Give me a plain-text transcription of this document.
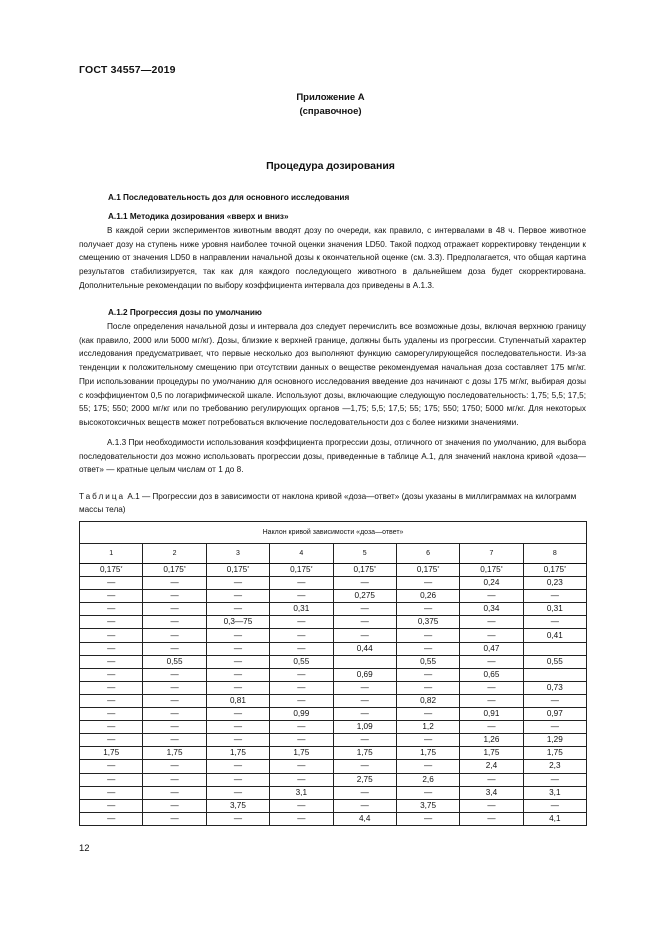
ГОСТ 34557—2019
Приложение А
(справочное)
Процедура дозирования
А.1 Последовательность доз для основного исследования
А.1.1 Методика дозирования «вверх и вниз»

В каждой серии экспериментов животным вводят дозу по очереди, как правило, с интервалами в 48 ч. Первое животное получает дозу на ступень ниже уровня наиболее точной оценки значения LD50. Такой подход отражает корректировку тенденции к смещению от значения LD50 в направлении начальной дозы к окончательной оценке (см. 3.3). Предполагается, что общая картина результатов стабилизируется, так как для каждого последующего животного в дальнейшем доза будет скорректирована. Дополнительные рекомендации по выбору коэффициента интервала доз приведены в А.1.3.

А.1.2 Прогрессия дозы по умолчанию

После определения начальной дозы и интервала доз следует перечислить все возможные дозы, включая верхнюю границу (как правило, 2000 или 5000 мг/кг). Дозы, близкие к верхней границе, должны быть удалены из прогрессии. Ступенчатый характер исследования предусматривает, что первые несколько доз выполняют функцию саморегулирующейся последовательности. Из-за тенденции к положительному смещению при отсутствии данных о веществе рекомендуемая начальная доза составляет 175 мг/кг. При использовании процедуры по умолчанию для основного исследования введение доз начинают с дозы 175 мг/кг, выбирая дозы с коэффициентом 0,5 по логарифмической шкале. Используют дозы, включающие следующую последовательность: 1,75; 5,5; 17,5; 55; 175; 550; 2000 мг/кг или по требованию регулирующих органов —1,75; 5,5; 17,5; 55; 175; 550; 1750; 5000 мг/кг. Для некоторых высокотоксичных веществ может потребоваться включение последовательности доз с более низкими значениями.

А.1.3 При необходимости использования коэффициента прогрессии дозы, отличного от значения по умолчанию, для выбора последовательности доз можно использовать прогрессии дозы, приведенные в таблице А.1, для значений наклона кривой «доза—ответ» — кратные целым числам от 1 до 8.

Таблица А.1 — Прогрессии доз в зависимости от наклона кривой «доза—ответ» (дозы указаны в миллиграммах на килограмм массы тела)

Наклон кривой зависимости «доза—ответ»							
1	2	3	4	5	6	7	8
0,175*	0,175*	0,175*	0,175*	0,175*	0,175*	0,175*	0,175*
—	—	—	—	—	—	0,24	0,23
—	—	—	—	0,275	0,26	—	—
—	—	—	0,31	—	—	0,34	0,31
—	—	0,3—75	—	—	0,375	—	—
—	—	—	—	—	—	—	0,41
—	—	—	—	0,44	—	0,47	
—	0,55	—	0,55		0,55	—	0,55
—	—	—	—	0,69	—	0,65	
—	—	—	—	—	—	—	0,73
—	—	0,81	—	—	0,82	—	—
—	—	—	0,99	—	—	0,91	0,97
—	—	—	—	1,09	1,2	—	—
—	—	—	—	—	—	1,26	1,29
1,75	1,75	1,75	1,75	1,75	1,75	1,75	1,75
—	—	—	—	—	—	2,4	2,3
—	—	—	—	2,75	2,6	—	—
—	—	—	3,1	—	—	3,4	3,1
—	—	3,75	—	—	3,75	—	—
—	—	—	—	4,4	—	—	4,1
12
